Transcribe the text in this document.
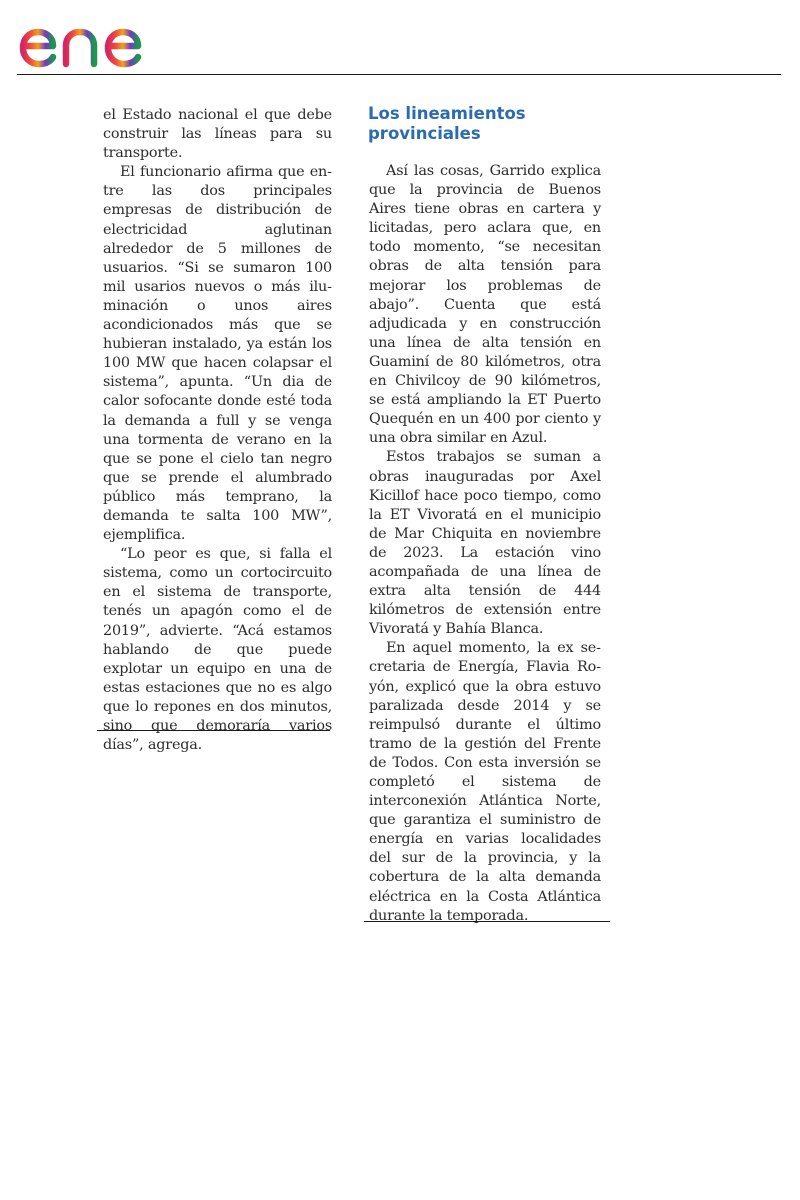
el Estado nacional el que debe construir las líneas para su transporte.

El funcionario afirma que entre las dos principales empresas de distribución de electricidad aglutinan alrededor de 5 millones de usuarios. “Si se sumaron 100 mil usarios nuevos o más iluminación o unos aires acondicionados más que se hubieran instalado, ya están los 100 MW que hacen colapsar el sistema”, apunta. “Un dia de calor sofocante donde esté toda la demanda a full y se venga una tormenta de verano en la que se pone el cielo tan negro que se prende el alumbrado público más temprano, la demanda te salta 100 MW”, ejemplifica.

“Lo peor es que, si falla el sistema, como un cortocircuito en el sistema de transporte, tenés un apagón como el de 2019”, advierte. “Acá estamos hablando de que puede explotar un equipo en una de estas estaciones que no es algo que lo repones en dos minutos, sino que demoraría varios días”, agrega.

Los lineamientos
provinciales

Así las cosas, Garrido explica que la provincia de Buenos Aires tiene obras en cartera y licitadas, pero aclara que, en todo momento, “se necesitan obras de alta tensión para mejorar los problemas de abajo”. Cuenta que está adjudicada y en construcción una línea de alta tensión en Guaminí de 80 kilómetros, otra en Chivilcoy de 90 kilómetros, se está ampliando la ET Puerto Quequén en un 400 por ciento y una obra similar en Azul.

Estos trabajos se suman a obras inauguradas por Axel Kicillof hace poco tiempo, como la ET Vivoratá en el municipio de Mar Chiquita en noviembre de 2023. La estación vino acompañada de una línea de extra alta tensión de 444 kilómetros de extensión entre Vivoratá y Bahía Blanca.

En aquel momento, la ex secretaria de Energía, Flavia Royón, explicó que la obra estuvo paralizada desde 2014 y se reimpulsó durante el último tramo de la gestión del Frente de Todos. Con esta inversión se completó el sistema de interconexión Atlántica Norte, que garantiza el suministro de energía en varias localidades del sur de la provincia, y la cobertura de la alta demanda eléctrica en la Costa Atlántica durante la temporada.
